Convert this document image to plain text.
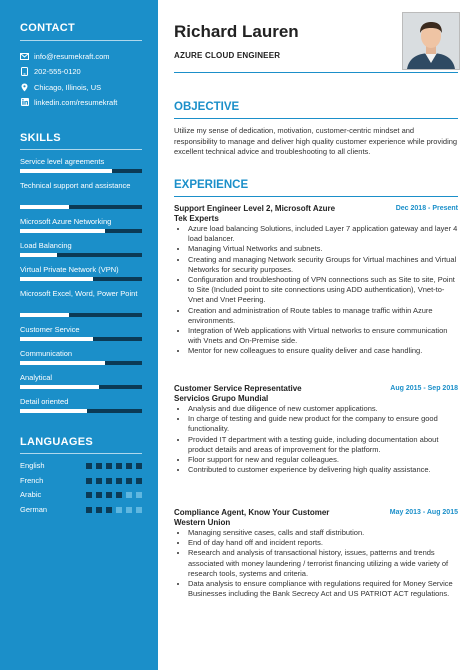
CONTACT
info@resumekraft.com
202-555-0120
Chicago, Illinois, US
linkedin.com/resumekraft
SKILLS
Service level agreements
Technical support and assistance
Microsoft Azure Networking
Load Balancing
Virtual Private Network (VPN)
Microsoft Excel, Word, Power Point
Customer Service
Communication
Analytical
Detail oriented
LANGUAGES
English
French
Arabic
German
Richard Lauren
AZURE CLOUD ENGINEER
OBJECTIVE
Utilize my sense of dedication, motivation, customer-centric mindset and responsibility to manage and deliver high quality customer experience while providing excellent technical advice and troubleshooting to all clients.
EXPERIENCE
Support Engineer Level 2, Microsoft Azure	Dec 2018 - Present
Tek Experts
• Azure load balancing Solutions, included Layer 7 application gateway and layer 4 load balancer.
• Managing Virtual Networks and subnets.
• Creating and managing Network security Groups for Virtual machines and Virtual Networks for security purposes.
• Configuration and troubleshooting of VPN connections such as Site to site, Point to Site (Included point to site connections using ADD authentication), Vnet-to-Vnet and Vnet Peering.
• Creation and administration of Route tables to manage traffic within Azure environments.
• Integration of Web applications with Virtual networks to ensure communication with Vnets and On-Premise side.
• Mentor for new colleagues to ensure quality deliver and case handling.
Customer Service Representative	Aug 2015 - Sep 2018
Servicios Grupo Mundial
• Analysis and due diligence of new customer applications.
• In charge of testing and guide new product for the company to ensure good functionality.
• Provided IT department with a testing guide, including documentation about product details and areas of improvement for the platform.
• Floor support for new and regular colleagues.
• Contributed to customer experience by delivering high quality assistance.
Compliance Agent, Know Your Customer	May 2013 - Aug 2015
Western Union
• Managing sensitive cases, calls and staff distribution.
• End of day hand off and incident reports.
• Research and analysis of transactional history, issues, patterns and trends associated with money laundering / terrorist financing utilizing a wide variety of research tools, systems and criteria.
• Data analysis to ensure compliance with regulations required for Money Service Businesses including the Bank Secrecy Act and US PATRIOT ACT regulations.
